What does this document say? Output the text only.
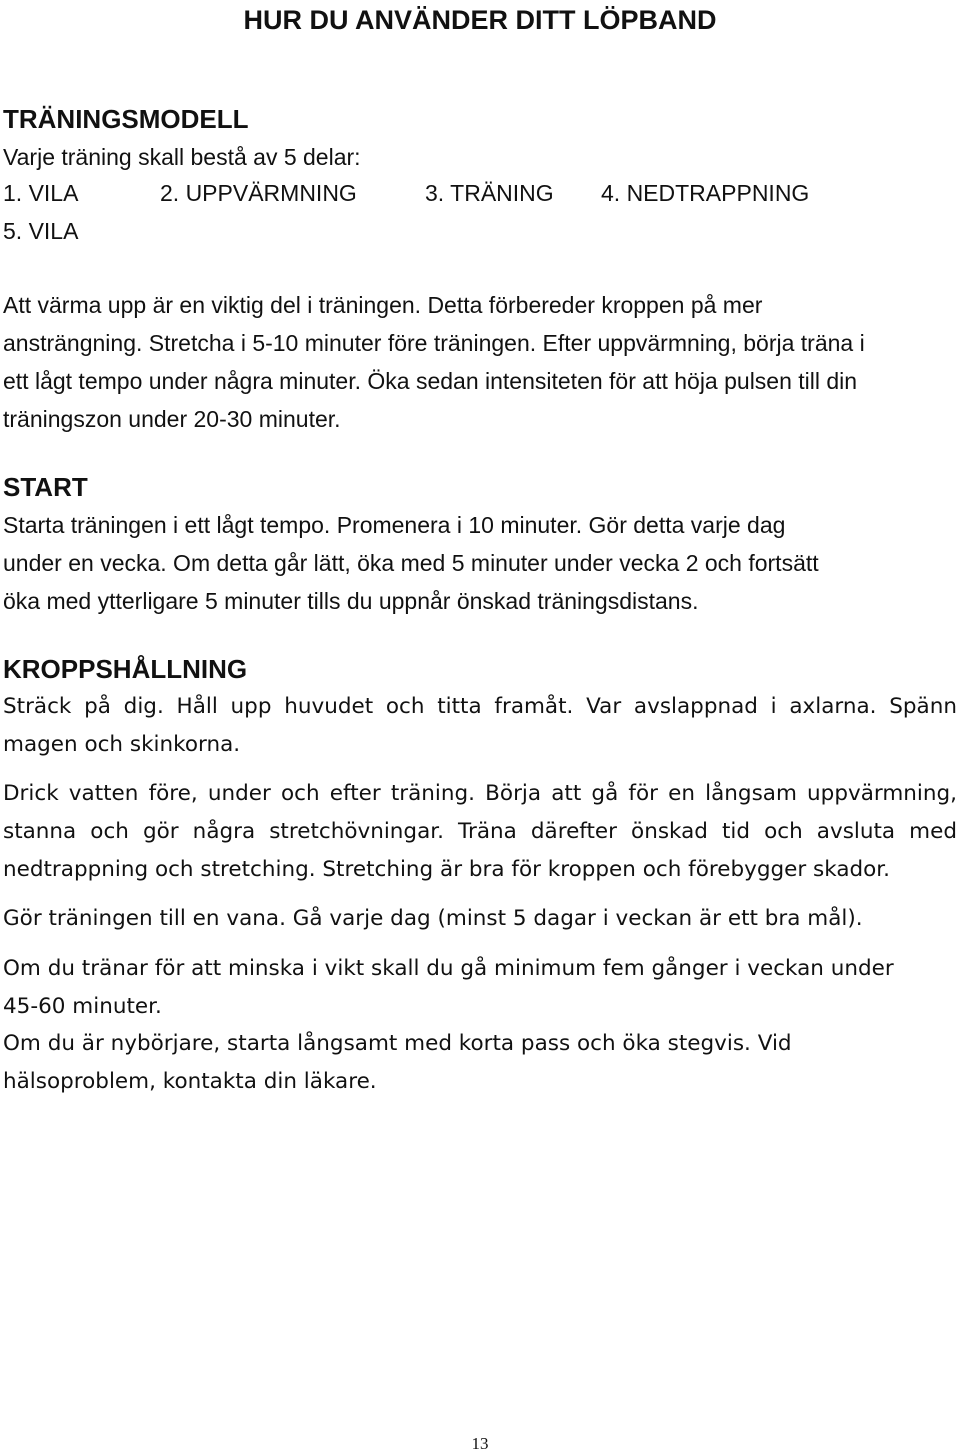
HUR DU ANVÄNDER DITT LÖPBAND
TRÄNINGSMODELL

Varje träning skall bestå av 5 delar:

1. VILA	2. UPPVÄRMNING	3. TRÄNING 4. NEDTRAPPNING

5. VILA

Att värma upp är en viktig del i träningen. Detta förbereder kroppen på mer

ansträngning. Stretcha i 5-10 minuter före träningen. Efter uppvärmning, börja träna i

ett lågt tempo under några minuter. Öka sedan intensiteten för att höja pulsen till din

träningszon under 20-30 minuter.

START

Starta träningen i ett lågt tempo. Promenera i 10 minuter. Gör detta varje dag

under en vecka. Om detta går lätt, öka med 5 minuter under vecka 2 och fortsätt

öka med ytterligare 5 minuter tills du uppnår önskad träningsdistans.

KROPPSHÅLLNING
Sträck på dig. Håll upp huvudet och titta framåt. Var avslappnad i axlarna. Spänn
magen och skinkorna.
Drick vatten före, under och efter träning. Börja att gå för en långsam uppvärmning,
stanna och gör några stretchövningar. Träna därefter önskad tid och avsluta med
nedtrappning och stretching. Stretching är bra för kroppen och förebygger skador.

Gör träningen till en vana. Gå varje dag (minst 5 dagar i veckan är ett bra mål).

Om du tränar för att minska i vikt skall du gå minimum fem gånger i veckan under

45-60 minuter.

Om du är nybörjare, starta långsamt med korta pass och öka stegvis. Vid

hälsoproblem, kontakta din läkare.

13
